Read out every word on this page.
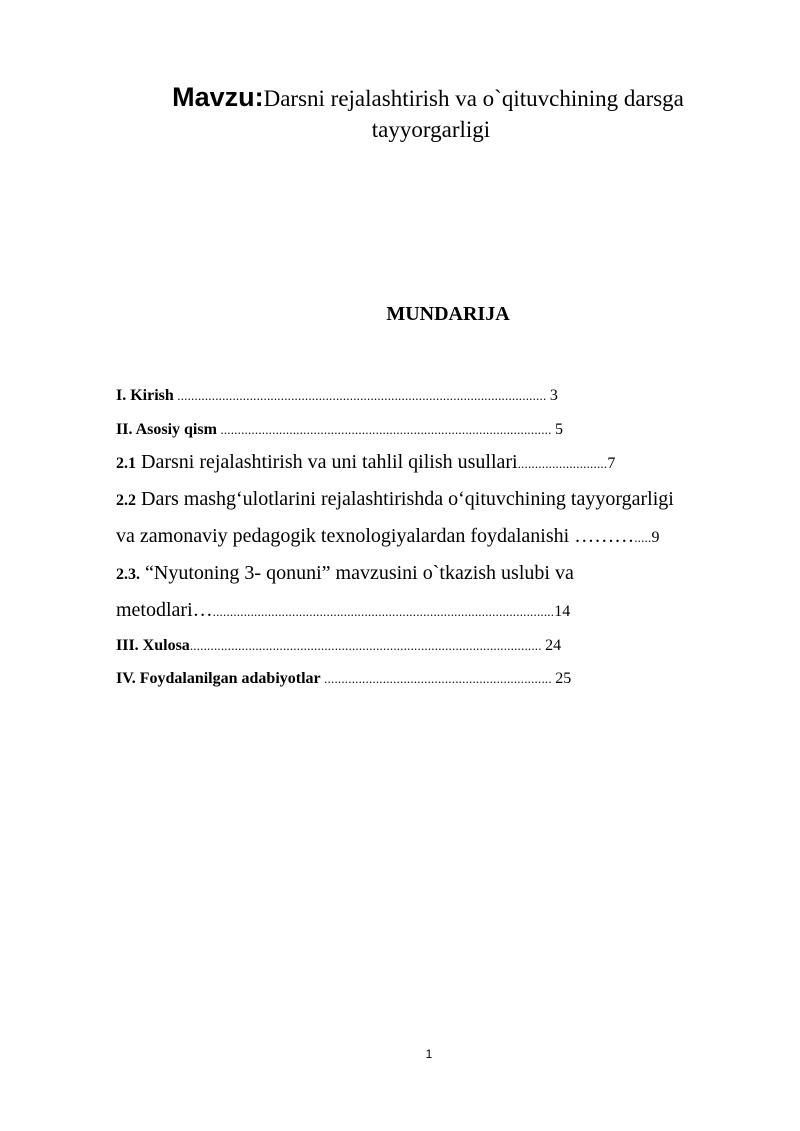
Mavzu:Darsni rejalashtirish va o`qituvchining darsga
tayyorgarligi
MUNDARIJA
I. Kirish ........................................................................................................... 3
II. Asosiy qism ................................................................................................ 5
2.1 Darsni rejalashtirish va uni tahlil qilish usullari..........................7
2.2 Dars mashg‘ulotlarini rejalashtirishda o‘qituvchining tayyorgarligi
va zamonaviy pedagogik texnologiyalardan foydalanishi ……….....9
2.3. “Nyutoning 3- qonuni” mavzusini o`tkazish uslubi va
metodlari…...................................................................................................14
III. Xulosa...................................................................................................... 24
IV. Foydalanilgan adabiyotlar .................................................................. 25
1
